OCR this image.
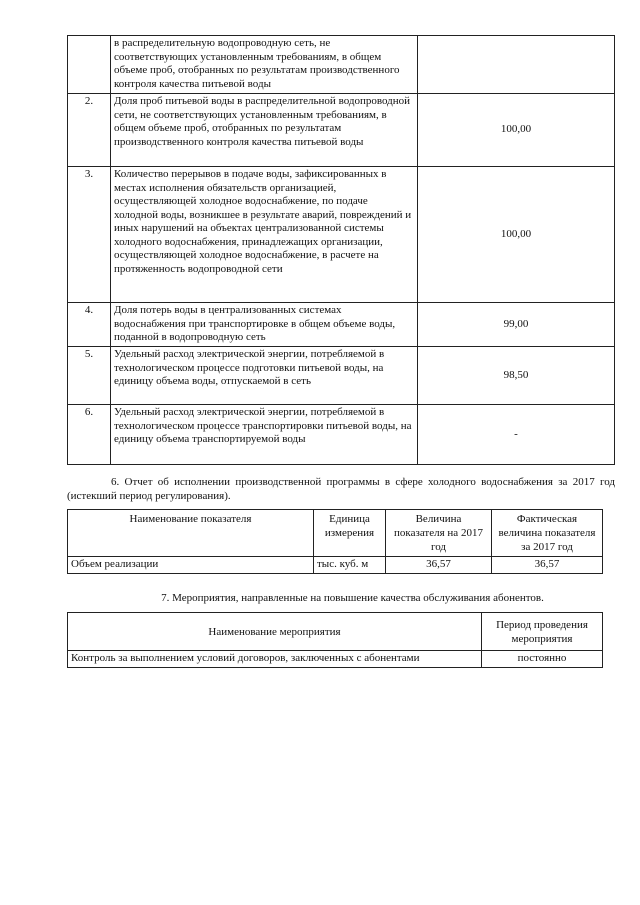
	в распределительную водопроводную сеть, не соответствующих установленным требованиям, в общем объеме проб, отобранных по результатам производственного контроля качества питьевой воды	
2.	Доля проб питьевой воды в распределительной водопроводной сети, не соответствующих установленным требованиям, в общем объеме проб, отобранных по результатам производственного контроля качества питьевой воды	100,00
3.	Количество перерывов в подаче воды, зафиксированных в местах исполнения обязательств организацией, осуществляющей холодное водоснабжение, по подаче холодной воды, возникшее в результате аварий, повреждений и иных нарушений на объектах централизованной системы холодного водоснабжения, принадлежащих организации, осуществляющей холодное водоснабжение, в расчете на протяженность водопроводной сети	100,00
4.	Доля потерь воды в централизованных системах водоснабжения при транспортировке в общем объеме воды, поданной в водопроводную сеть	99,00
5.	Удельный расход электрической энергии, потребляемой в технологическом процессе подготовки питьевой воды, на единицу объема воды, отпускаемой в сеть	98,50
6.	Удельный расход электрической энергии, потребляемой в технологическом процессе транспортировки питьевой воды, на единицу объема транспортируемой воды	-
6. Отчет об исполнении производственной программы в сфере холодного водоснабжения за 2017 год (истекший период регулирования).
Наименование показателя	Единица измерения	Величина показателя на 2017 год	Фактическая величина показателя за 2017 год
Объем реализации	тыс. куб. м	36,57	36,57
7. Мероприятия, направленные на повышение качества обслуживания абонентов.
Наименование мероприятия	Период проведения мероприятия
Контроль за выполнением условий договоров, заключенных с абонентами	постоянно
